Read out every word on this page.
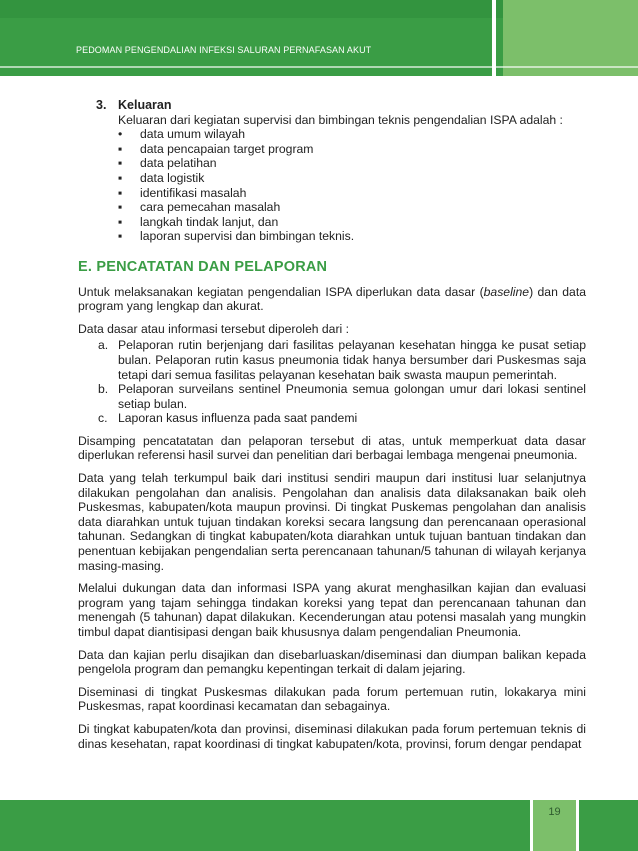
PEDOMAN PENGENDALIAN INFEKSI SALURAN PERNAFASAN AKUT
3. Keluaran
Keluaran dari kegiatan supervisi dan bimbingan teknis pengendalian ISPA adalah :
• data umum wilayah
▪ data pencapaian target program
▪ data pelatihan
▪ data logistik
▪ identifikasi masalah
▪ cara pemecahan masalah
▪ langkah tindak lanjut, dan
▪ laporan supervisi dan bimbingan teknis.
E. PENCATATAN DAN PELAPORAN

Untuk melaksanakan kegiatan pengendalian ISPA diperlukan data dasar (baseline) dan data program yang lengkap dan akurat.

Data dasar atau informasi tersebut diperoleh dari :

a. Pelaporan rutin berjenjang dari fasilitas pelayanan kesehatan hingga ke pusat setiap bulan. Pelaporan rutin kasus pneumonia tidak hanya bersumber dari Puskesmas saja tetapi dari semua fasilitas pelayanan kesehatan baik swasta maupun pemerintah.
b. Pelaporan surveilans sentinel Pneumonia semua golongan umur dari lokasi sentinel setiap bulan.
c. Laporan kasus influenza pada saat pandemi

Disamping pencatatatan dan pelaporan tersebut di atas, untuk memperkuat data dasar diperlukan referensi hasil survei dan penelitian dari berbagai lembaga mengenai pneumonia.

Data yang telah terkumpul baik dari institusi sendiri maupun dari institusi luar selanjutnya dilakukan pengolahan dan analisis. Pengolahan dan analisis data dilaksanakan baik oleh Puskesmas, kabupaten/kota maupun provinsi. Di tingkat Puskemas pengolahan dan analisis data diarahkan untuk tujuan tindakan koreksi secara langsung dan perencanaan operasional tahunan. Sedangkan di tingkat kabupaten/kota diarahkan untuk tujuan bantuan tindakan dan penentuan kebijakan pengendalian serta perencanaan tahunan/5 tahunan di wilayah kerjanya masing-masing.

Melalui dukungan data dan informasi ISPA yang akurat menghasilkan kajian dan evaluasi program yang tajam sehingga tindakan koreksi yang tepat dan perencanaan tahunan dan menengah (5 tahunan) dapat dilakukan. Kecenderungan atau potensi masalah yang mungkin timbul dapat diantisipasi dengan baik khususnya dalam pengendalian Pneumonia.

Data dan kajian perlu disajikan dan disebarluaskan/diseminasi dan diumpan balikan kepada pengelola program dan pemangku kepentingan terkait di dalam jejaring.

Diseminasi di tingkat Puskesmas dilakukan pada forum pertemuan rutin, lokakarya mini Puskesmas, rapat koordinasi kecamatan dan sebagainya.

Di tingkat kabupaten/kota dan provinsi, diseminasi dilakukan pada forum pertemuan teknis di dinas kesehatan, rapat koordinasi di tingkat kabupaten/kota, provinsi, forum dengar pendapat

19
